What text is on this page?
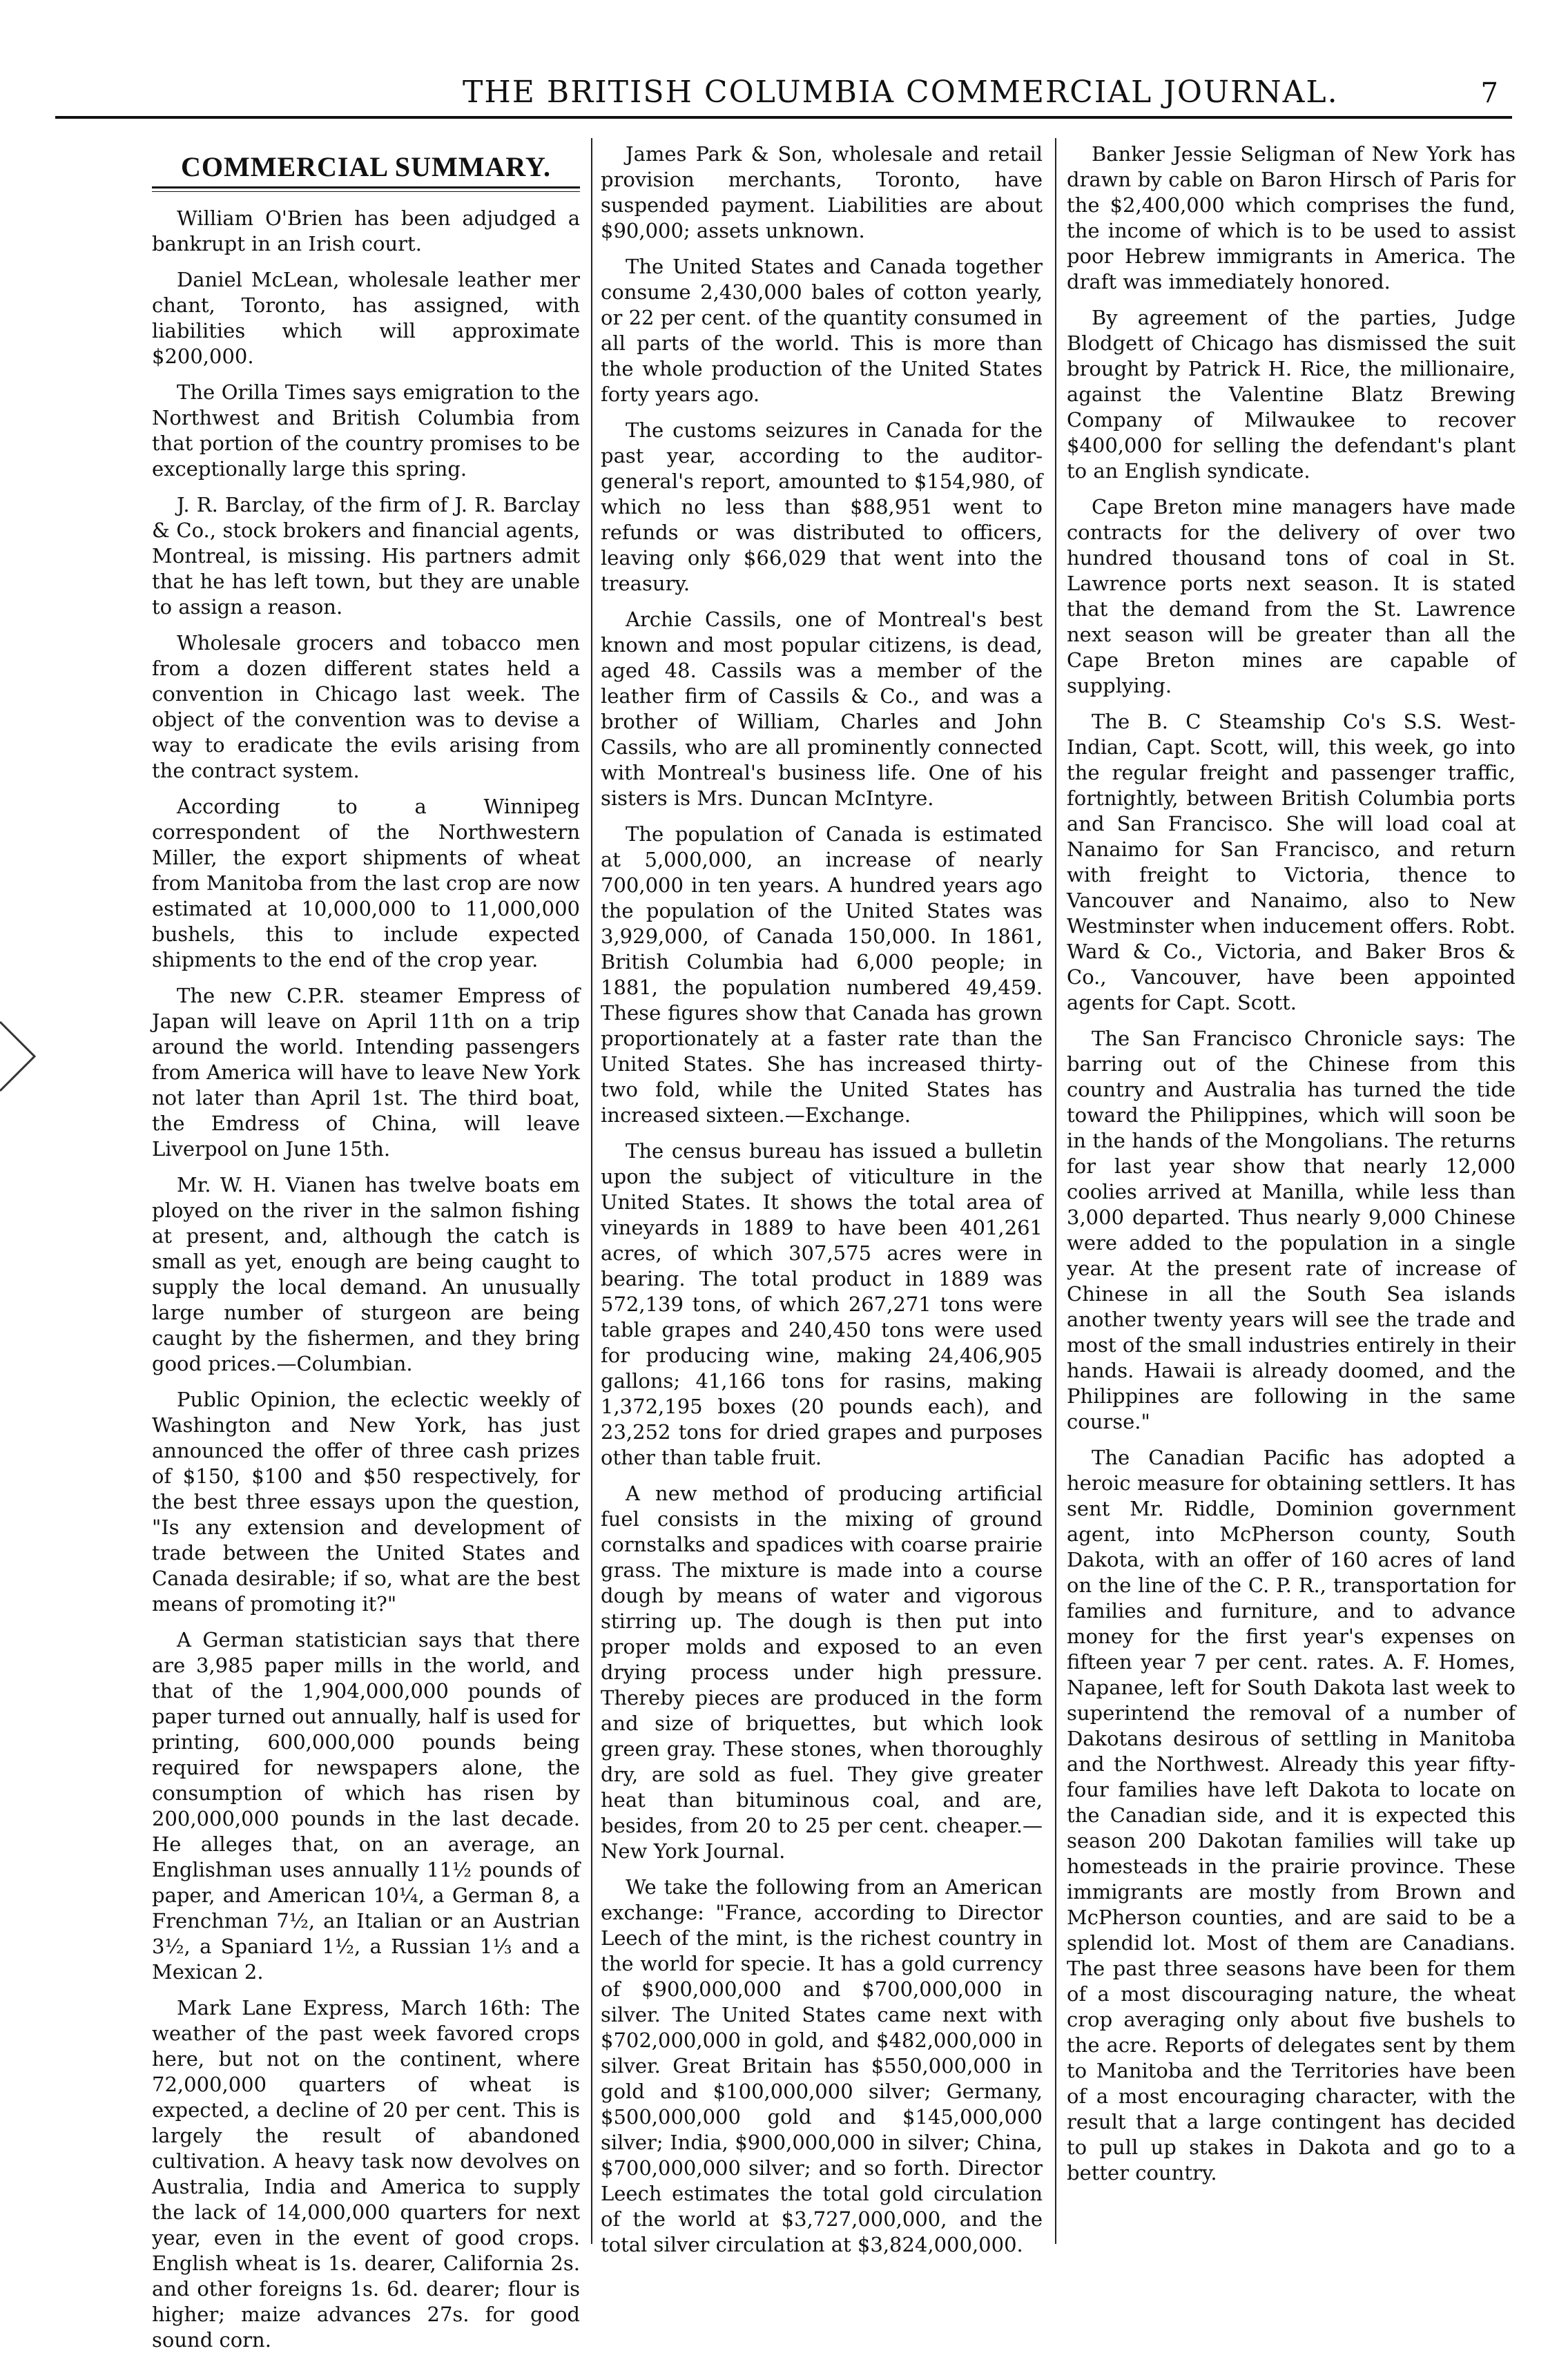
THE BRITISH COLUMBIA COMMERCIAL JOURNAL.	7
COMMERCIAL SUMMARY.

William O'Brien has been adjudged a bankrupt in an Irish court.

Daniel McLean, wholesale leather mer chant, Toronto, has assigned, with liabilities which will approximate $200,000.

The Orilla Times says emigration to the Northwest and British Columbia from that portion of the country promises to be exceptionally large this spring.

J. R. Barclay, of the firm of J. R. Barclay & Co., stock brokers and financial agents, Montreal, is missing. His partners admit that he has left town, but they are unable to assign a reason.

Wholesale grocers and tobacco men from a dozen different states held a convention in Chicago last week. The object of the convention was to devise a way to eradicate the evils arising from the contract system.

According to a Winnipeg correspondent of the Northwestern Miller, the export shipments of wheat from Manitoba from the last crop are now estimated at 10,000,000 to 11,000,000 bushels, this to include expected shipments to the end of the crop year.

The new C.P.R. steamer Empress of Japan will leave on April 11th on a trip around the world. Intending passengers from America will have to leave New York not later than April 1st. The third boat, the Emdress of China, will leave Liverpool on June 15th.

Mr. W. H. Vianen has twelve boats em ployed on the river in the salmon fishing at present, and, although the catch is small as yet, enough are being caught to supply the local demand. An unusually large number of sturgeon are being caught by the fishermen, and they bring good prices.—Columbian.

Public Opinion, the eclectic weekly of Washington and New York, has just announced the offer of three cash prizes of $150, $100 and $50 respectively, for the best three essays upon the question, "Is any extension and development of trade between the United States and Canada desirable; if so, what are the best means of promoting it?"

A German statistician says that there are 3,985 paper mills in the world, and that of the 1,904,000,000 pounds of paper turned out annually, half is used for printing, 600,000,000 pounds being required for newspapers alone, the consumption of which has risen by 200,000,000 pounds in the last decade. He alleges that, on an average, an Englishman uses annually 11½ pounds of paper, and American 10¼, a German 8, a Frenchman 7½, an Italian or an Austrian 3½, a Spaniard 1½, a Russian 1⅓ and a Mexican 2.

Mark Lane Express, March 16th: The weather of the past week favored crops here, but not on the continent, where 72,000,000 quarters of wheat is expected, a decline of 20 per cent. This is largely the result of abandoned cultivation. A heavy task now devolves on Australia, India and America to supply the lack of 14,000,000 quarters for next year, even in the event of good crops. English wheat is 1s. dearer, California 2s. and other foreigns 1s. 6d. dearer; flour is higher; maize advances 27s. for good sound corn.

James Park & Son, wholesale and retail provision merchants, Toronto, have suspended payment. Liabilities are about $90,000; assets unknown.

The United States and Canada together consume 2,430,000 bales of cotton yearly, or 22 per cent. of the quantity consumed in all parts of the world. This is more than the whole production of the United States forty years ago.

The customs seizures in Canada for the past year, according to the auditor-general's report, amounted to $154,980, of which no less than $88,951 went to refunds or was distributed to officers, leaving only $66,029 that went into the treasury.

Archie Cassils, one of Montreal's best known and most popular citizens, is dead, aged 48. Cassils was a member of the leather firm of Cassils & Co., and was a brother of William, Charles and John Cassils, who are all prominently connected with Montreal's business life. One of his sisters is Mrs. Duncan McIntyre.

The population of Canada is estimated at 5,000,000, an increase of nearly 700,000 in ten years. A hundred years ago the population of the United States was 3,929,000, of Canada 150,000. In 1861, British Columbia had 6,000 people; in 1881, the population numbered 49,459. These figures show that Canada has grown proportionately at a faster rate than the United States. She has increased thirty-two fold, while the United States has increased sixteen.—Exchange.

The census bureau has issued a bulletin upon the subject of viticulture in the United States. It shows the total area of vineyards in 1889 to have been 401,261 acres, of which 307,575 acres were in bearing. The total product in 1889 was 572,139 tons, of which 267,271 tons were table grapes and 240,450 tons were used for producing wine, making 24,406,905 gallons; 41,166 tons for rasins, making 1,372,195 boxes (20 pounds each), and 23,252 tons for dried grapes and purposes other than table fruit.

A new method of producing artificial fuel consists in the mixing of ground cornstalks and spadices with coarse prairie grass. The mixture is made into a course dough by means of water and vigorous stirring up. The dough is then put into proper molds and exposed to an even drying process under high pressure. Thereby pieces are produced in the form and size of briquettes, but which look green gray. These stones, when thoroughly dry, are sold as fuel. They give greater heat than bituminous coal, and are, besides, from 20 to 25 per cent. cheaper.—New York Journal.

We take the following from an American exchange: "France, according to Director Leech of the mint, is the richest country in the world for specie. It has a gold currency of $900,000,000 and $700,000,000 in silver. The United States came next with $702,000,000 in gold, and $482,000,000 in silver. Great Britain has $550,000,000 in gold and $100,000,000 silver; Germany, $500,000,000 gold and $145,000,000 silver; India, $900,000,000 in silver; China, $700,000,000 silver; and so forth. Director Leech estimates the total gold circulation of the world at $3,727,000,000, and the total silver circulation at $3,824,000,000.

Banker Jessie Seligman of New York has drawn by cable on Baron Hirsch of Paris for the $2,400,000 which comprises the fund, the income of which is to be used to assist poor Hebrew immigrants in America. The draft was immediately honored.

By agreement of the parties, Judge Blodgett of Chicago has dismissed the suit brought by Patrick H. Rice, the millionaire, against the Valentine Blatz Brewing Company of Milwaukee to recover $400,000 for selling the defendant's plant to an English syndicate.

Cape Breton mine managers have made contracts for the delivery of over two hundred thousand tons of coal in St. Lawrence ports next season. It is stated that the demand from the St. Lawrence next season will be greater than all the Cape Breton mines are capable of supplying.

The B. C Steamship Co's S.S. West-Indian, Capt. Scott, will, this week, go into the regular freight and passenger traffic, fortnightly, between British Columbia ports and San Francisco. She will load coal at Nanaimo for San Francisco, and return with freight to Victoria, thence to Vancouver and Nanaimo, also to New Westminster when inducement offers. Robt. Ward & Co., Victoria, and Baker Bros & Co., Vancouver, have been appointed agents for Capt. Scott.

The San Francisco Chronicle says: The barring out of the Chinese from this country and Australia has turned the tide toward the Philippines, which will soon be in the hands of the Mongolians. The returns for last year show that nearly 12,000 coolies arrived at Manilla, while less than 3,000 departed. Thus nearly 9,000 Chinese were added to the population in a single year. At the present rate of increase of Chinese in all the South Sea islands another twenty years will see the trade and most of the small industries entirely in their hands. Hawaii is already doomed, and the Philippines are following in the same course."

The Canadian Pacific has adopted a heroic measure for obtaining settlers. It has sent Mr. Riddle, Dominion government agent, into McPherson county, South Dakota, with an offer of 160 acres of land on the line of the C. P. R., transportation for families and furniture, and to advance money for the first year's expenses on fifteen year 7 per cent. rates. A. F. Homes, Napanee, left for South Dakota last week to superintend the removal of a number of Dakotans desirous of settling in Manitoba and the Northwest. Already this year fifty-four families have left Dakota to locate on the Canadian side, and it is expected this season 200 Dakotan families will take up homesteads in the prairie province. These immigrants are mostly from Brown and McPherson counties, and are said to be a splendid lot. Most of them are Canadians. The past three seasons have been for them of a most discouraging nature, the wheat crop averaging only about five bushels to the acre. Reports of delegates sent by them to Manitoba and the Territories have been of a most encouraging character, with the result that a large contingent has decided to pull up stakes in Dakota and go to a better country.
